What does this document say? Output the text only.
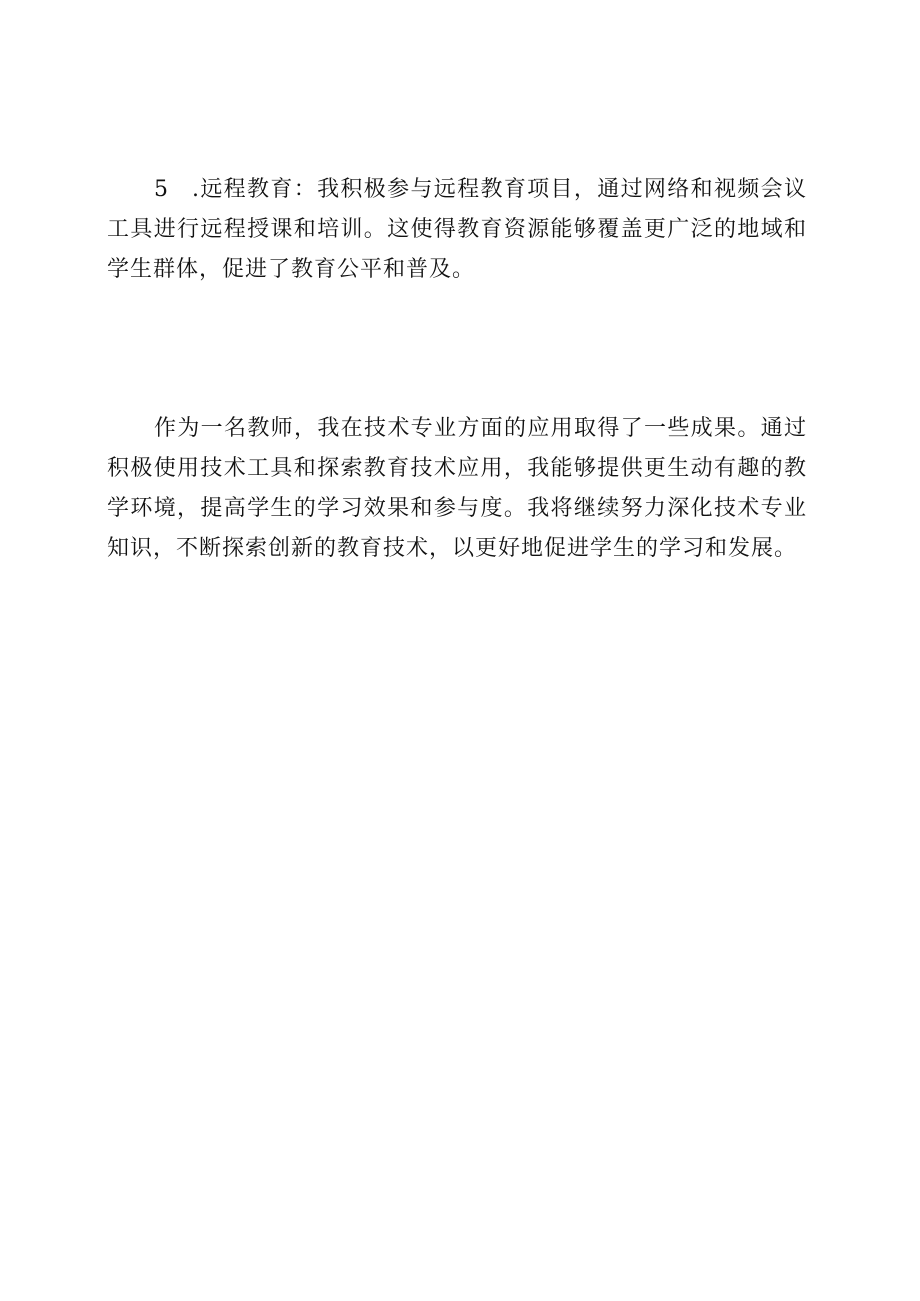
5 .远程教育：我积极参与远程教育项目，通过网络和视频会议工具进行远程授课和培训。这使得教育资源能够覆盖更广泛的地域和学生群体，促进了教育公平和普及。

作为一名教师，我在技术专业方面的应用取得了一些成果。通过积极使用技术工具和探索教育技术应用，我能够提供更生动有趣的教学环境，提高学生的学习效果和参与度。我将继续努力深化技术专业知识，不断探索创新的教育技术，以更好地促进学生的学习和发展。
